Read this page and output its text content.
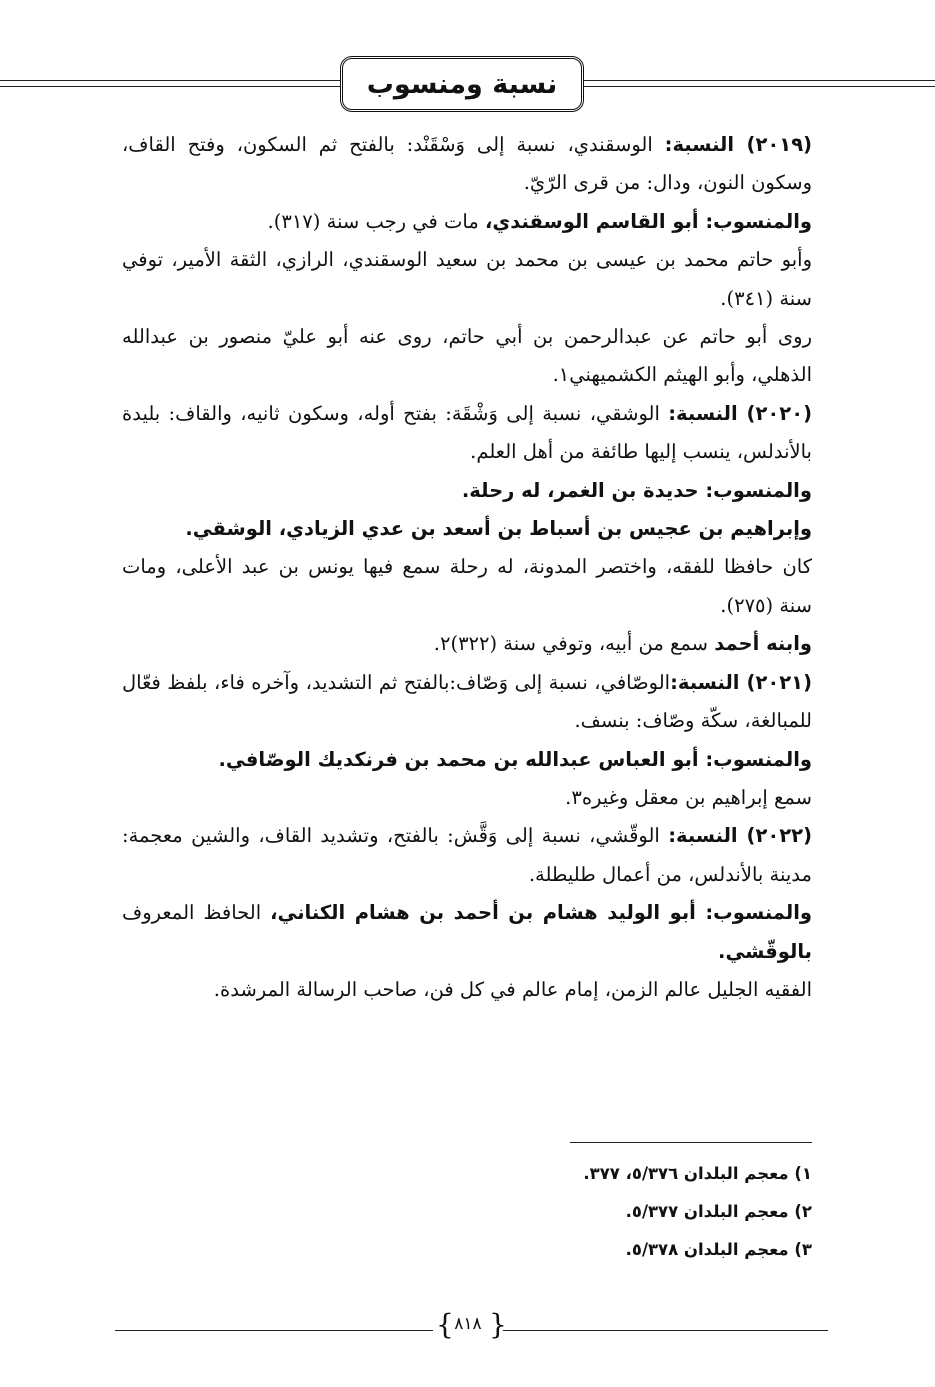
نسبة ومنسوب

(٢٠١٩) النسبة: الوسقندي، نسبة إلى وَسْقَنْد: بالفتح ثم السكون، وفتح القاف، وسكون النون، ودال: من قرى الرّيّ.

والمنسوب: أبو القاسم الوسقندي، مات في رجب سنة (٣١٧).

وأبو حاتم محمد بن عيسى بن محمد بن سعيد الوسقندي، الرازي، الثقة الأمير، توفي سنة (٣٤١).

روى أبو حاتم عن عبدالرحمن بن أبي حاتم، روى عنه أبو عليّ منصور بن عبدالله الذهلي، وأبو الهيثم الكشميهني١.

(٢٠٢٠) النسبة: الوشقي، نسبة إلى وَشْقَة: بفتح أوله، وسكون ثانيه، والقاف: بليدة بالأندلس، ينسب إليها طائفة من أهل العلم.

والمنسوب: حديدة بن الغمر، له رحلة.

وإبراهيم بن عجيس بن أسباط بن أسعد بن عدي الزيادي، الوشقي.

كان حافظا للفقه، واختصر المدونة، له رحلة سمع فيها يونس بن عبد الأعلى، ومات سنة (٢٧٥).

وابنه أحمد سمع من أبيه، وتوفي سنة (٣٢٢)٢.

(٢٠٢١) النسبة:الوصّافي، نسبة إلى وَصّاف:بالفتح ثم التشديد، وآخره فاء، بلفظ فعّال للمبالغة، سكّة وصّاف: بنسف.

والمنسوب: أبو العباس عبدالله بن محمد بن فرنكديك الوصّافي.

سمع إبراهيم بن معقل وغيره٣.

(٢٠٢٢) النسبة: الوقّشي، نسبة إلى وَقَّش: بالفتح، وتشديد القاف، والشين معجمة: مدينة بالأندلس، من أعمال طليطلة.

والمنسوب: أبو الوليد هشام بن أحمد بن هشام الكناني، الحافظ المعروف بالوقّشي.

الفقيه الجليل عالم الزمن، إمام عالم في كل فن، صاحب الرسالة المرشدة.

١) معجم البلدان ٥/٣٧٦، ٣٧٧.

٢) معجم البلدان ٥/٣٧٧.

٣) معجم البلدان ٥/٣٧٨.

{ ٨١٨ }
